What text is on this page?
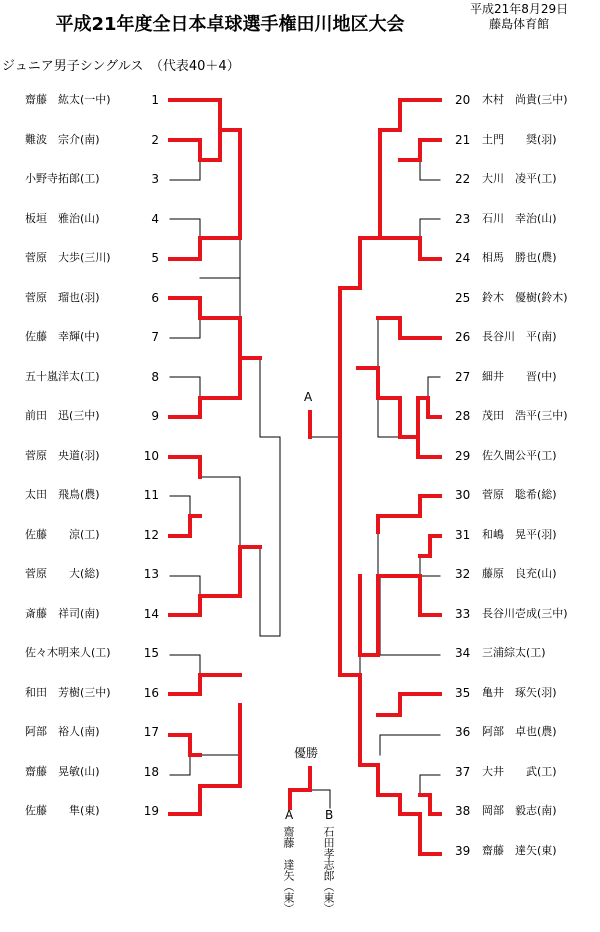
平成21年度全日本卓球選手権田川地区大会
平成21年8月29日
藤島体育館
ジュニア男子シングルス　（代表40＋4）
齋藤　紘太(一中)	1
難波　宗介(南)	2
小野寺拓郎(工)	3
板垣　雅治(山)	4
菅原　大歩(三川)	5
菅原　瑠也(羽)	6
佐藤　幸輝(中)	7
五十嵐洋太(工)	8
前田　迅(三中)	9
菅原　央道(羽)	10
太田　飛鳥(農)	11
佐藤　　涼(工)	12
菅原　　大(総)	13
斎藤　祥司(南)	14
佐々木明来人(工)	15
和田　芳樹(三中)	16
阿部　裕人(南)	17
齋藤　晃敏(山)	18
佐藤　　隼(東)	19
20 木村　尚貴(三中)
21 土門　　奨(羽)
22 大川　凌平(工)
23 石川　幸治(山)
24 相馬　勝也(農)
25 鈴木　優樹(鈴木)
26 長谷川　平(南)
27 細井　　晋(中)
28 茂田　浩平(三中)
29 佐久間公平(工)
30 菅原　聡希(総)
31 和嶋　晃平(羽)
32 藤原　良充(山)
33 長谷川壱成(三中)
34 三浦綜太(工)
35 亀井　琢矢(羽)
36 阿部　卓也(農)
37 大井　　武(工)
38 岡部　毅志(南)
39 齋藤　達矢(東)
A
優勝
A	B
齋藤　達矢（東） 石田孝志郎（東）
